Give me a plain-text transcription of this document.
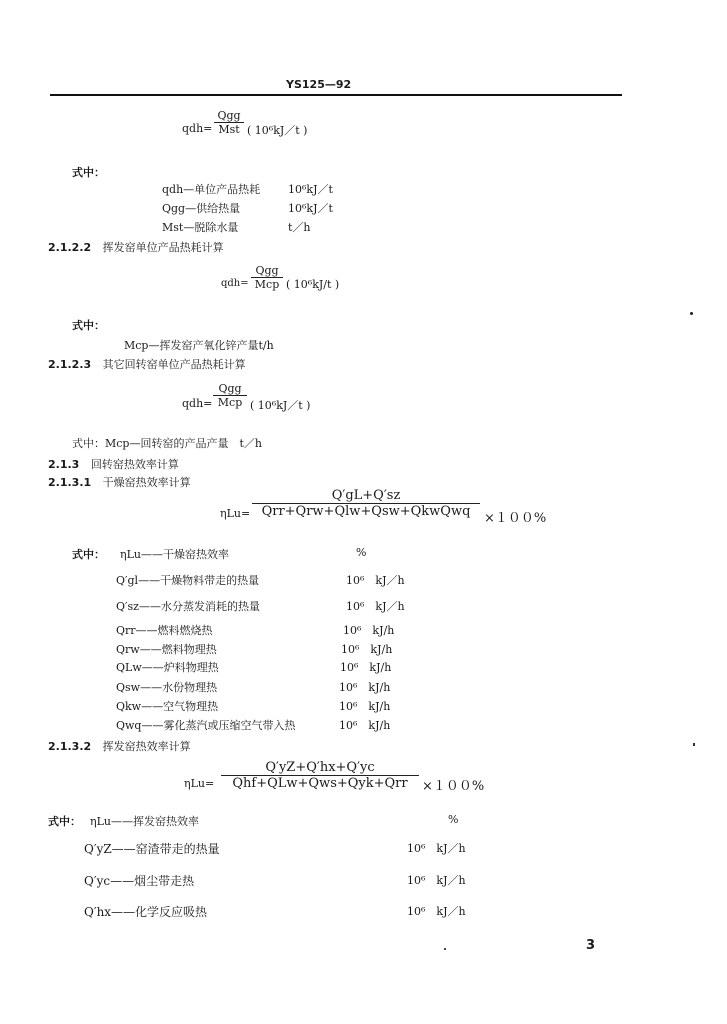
YS125—92
qdh=
Qgg
Mst ( 10⁶kJ／t )
式中：
qdh—单位产品热耗	10⁶kJ／t
Qgg—供给热量	10⁶kJ／t
Mst—脱除水量	t／h
2.1.2.2 挥发窑单位产品热耗计算
qdh=
Qgg
Mcp ( 10⁶kJ/t )
式中：
Mcp—挥发窑产氧化锌产量t/h
2.1.2.3 其它回转窑单位产品热耗计算
qdh=
Qgg
Mcp ( 10⁶kJ／t )
式中：Mcp—回转窑的产品产量　t／h
2.1.3 回转窑热效率计算
2.1.3.1 干燥窑热效率计算
ηLu=
Q′gL+Q′sz
Qrr+Qrw+Qlw+Qsw+QkwQwq	×１００%
式中： ηLu——干燥窑热效率	%
Q′gl——干燥物料带走的热量	10⁶　kJ／h
Q′sz——水分蒸发消耗的热量	10⁶　kJ／h
Qrr——燃料燃烧热	10⁶　kJ/h
Qrw——燃料物理热	10⁶　kJ/h
QLw——炉料物理热	10⁶　kJ/h
Qsw——水份物理热	10⁶　kJ/h
Qkw——空气物理热	10⁶　kJ/h
Qwq——雾化蒸汽或压缩空气带入热	10⁶　kJ/h
2.1.3.2 挥发窑热效率计算
ηLu=
Q′yZ+Q′hx+Q′yc
Qhf+QLw+Qws+Qyk+Qrr	×１００%
式中： ηLu——挥发窑热效率	%
Q′yZ——窑渣带走的热量	10⁶　kJ／h
Q′yc——烟尘带走热	10⁶　kJ／h
Q′hx——化学反应吸热	10⁶　kJ／h
3
